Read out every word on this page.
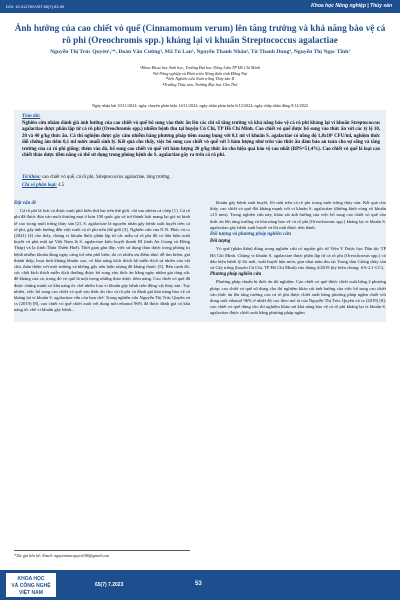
DOI: 10.31276/VJST.65(7).53-59	Khoa học Nông nghiệp | Thủy sản
Ảnh hưởng của cao chiết vỏ quế (Cinnamomum verum) lên tăng trưởng và khả năng bảo vệ cá rô phi (Oreochromis spp.) kháng lại vi khuẩn Streptococcus agalactiae
Nguyễn Thị Trúc Quyên¹,²*, Đoàn Văn Cường³, Mã Tú Lan², Nguyễn Thanh Nhân², Từ Thanh Dung⁴, Nguyễn Thị Ngọc Tĩnh³
¹Khoa Khoa học Sinh học, Trường Đại học Nông Lâm TP Hồ Chí Minh
²Sở Nông nghiệp và Phát triển Nông thôn tỉnh Đồng Nai
³Viện Nghiên cứu Nuôi trồng Thủy sản II
⁴Trường Thủy sản, Trường Đại học Cần Thơ
Ngày nhận bài 10/11/2022; ngày chuyển phản biện 14/11/2022; ngày nhận phản biện 6/12/2022; ngày chấp nhận đăng 9/12/2022
Tóm tắt:

Nghiên cứu nhằm đánh giá ảnh hưởng của cao chiết vỏ quế bổ sung vào thức ăn lên các chỉ số tăng trưởng và khả năng bảo vệ cá rô phi kháng lại vi khuẩn Streptococcus agalactiae được phân lập từ cá rô phi (Oreochromis spp.) nhiễm bệnh thu tại huyện Củ Chi, TP Hồ Chí Minh. Cao chiết vỏ quế được bổ sung vào thức ăn với các tỷ lệ 10, 20 và 40 g/kg thức ăn. Cá thí nghiệm được gây cảm nhiễm bằng phương pháp tiêm xoang bụng với 0,1 ml vi khuẩn S. agalactiae có nồng độ 1,8x10⁶ CFU/ml, nghiệm thức đối chứng âm tiêm 0,1 ml nước muối sinh lý. Kết quả cho thấy, việc bổ sung cao chiết vỏ quế với 3 hàm lượng như trên vào thức ăn đảm bảo an toàn cho sự sống và tăng trưởng của cá rô phi giống; thêm vào đó, bổ sung cao chiết vỏ quế với hàm lượng 20 g/kg thức ăn cho hiệu quả bảo vệ cao nhất (RPS=51,4%). Cao chiết vỏ quế là loại cao chiết thảo dược tiềm năng có thể sử dụng trong phòng bệnh do S. agalactiae gây ra trên cá rô phi.

Từ khóa: cao chiết vỏ quế, cá rô phi, Streptococcus agalactiae, tăng trưởng.
Chỉ số phân loại: 4.5
Đặt vấn đề

Cá rô phi là loài cá được nuôi phổ biến thứ hai trên thế giới, chỉ sau nhóm cá chép [1]. Cá rô phi đã được đưa vào nuôi thương mại ở hơn 100 quốc gia và trở thành loài mang lại giá trị kinh tế cao trong nuôi trồng thủy sản [2]. S. agalactiae là nguyên nhân gây bệnh xuất huyết trên cá rô phi, gây ảnh hưởng đến việc nuôi cá rô phi trên thế giới [3]. Nghiên cứu của N.N. Phúc và cs (2021) [4] cho thấy, chủng vi khuẩn được phân lập từ các mẫu cá rô phi đồ có dấu hiệu xuất huyết và phù mắt tại Việt Nam là S. agalactiae kiểu huyết thanh III (tỉnh An Giang và Đồng Tháp) và Ia (tỉnh Thừa Thiên Huế). Thời gian gần đây, việc sử dụng thảo dược trong phòng trị bệnh nhiễm khuẩn đang ngày càng trở nên phổ biến, do có nhiều ưu điểm như: dễ tìm kiếm, giá thành thấp, hoạt tính kháng khuẩn cao, có khả năng kích thích hệ miễn dịch tự nhiên của vật chủ, thân thiện với môi trường và không gây nên hiện tượng đề kháng thuốc [5]. Bên cạnh đó, các chất kích thích miễn dịch thường được bổ sung vào thức ăn hằng ngày nhằm gia tăng sức đề kháng của cá, trong đó vỏ quế là một trong những thảo dược tiềm năng. Cao chiết vỏ quế đã được chứng minh có khả năng ức chế nhiều loại vi khuẩn gây bệnh trên động vật thủy sản. Tuy nhiên, việc bổ sung cao chiết vỏ quế vào thức ăn cho cá rô phi và đánh giá khả năng bảo vệ cá kháng lại vi khuẩn S. agalactiae vẫn còn hạn chế. Trong nghiên cứu Nguyễn Thị Trúc Quyên và cs (2019) [8], cao chiết vỏ quế chiết xuất với dung môi ethanol 96% đã được đánh giá có khả năng ức chế vi khuẩn gây bệnh...

khuẩn gây bệnh xuất huyết, lồi mắt trên cá rô phi trong nuôi trồng thủy sản. Kết quả cho thấy, cao chiết vỏ quế đối kháng mạnh với vi khuẩn S. agalactiae (đường kính vòng vô khuẩn ≥15 mm). Trong nghiên cứu này, khảo sát ảnh hưởng của việc bổ sung cao chiết vỏ quế vào thức ăn lên tăng trưởng và khả năng bảo vệ cá rô phi (Oreochromis spp.) kháng lại vi khuẩn S. agalactiae gây bệnh xuất huyết và lồi mắt được tiến hành.

Đối tượng và phương pháp nghiên cứu
Đối tượng

Vỏ quế (phần thân) dùng trong nghiên cứu có nguồn gốc từ Viện Y Dược học Dân tộc TP Hồ Chí Minh. Chủng vi khuẩn S. agalactiae được phân lập từ cá rô phi (Oreochromis spp.) có dấu hiệu bệnh lý lồi mắt, xuất huyết hậu môn, gan nhạt màu thu tại Trung tâm Giống thủy sản và Cây trồng (huyện Củ Chi, TP Hồ Chí Minh) vào tháng 4/2019 (ký hiệu chủng: SA-2.1-CC).

Phương pháp nghiên cứu

Phương pháp chuẩn bị thức ăn thí nghiệm: Cao chiết vỏ quế được chiết xuất bằng 2 phương pháp: cao chiết vỏ quế sử dụng cho thí nghiệm khảo sát ảnh hưởng của việc bổ sung cao chiết vào thức ăn lên tăng trưởng của cá rô phi được chiết xuất bằng phương pháp ngâm chiết với dung môi ethanol 96% ở nhiệt độ cao theo mô tả của Nguyễn Thị Trúc Quyên và cs (2019) [8]; cao chiết vỏ quế dùng cho thí nghiệm khảo sát khả năng bảo vệ cá rô phi kháng lại vi khuẩn S. agalactiae được chiết xuất bằng phương pháp ngâm

*Tác giả liên hệ: Email: nguyenttrucquyen306@gmail.com
KHOA HỌC
VÀ CÔNG NGHỆ
VIỆT NAM
65(7) 7.2023	53
